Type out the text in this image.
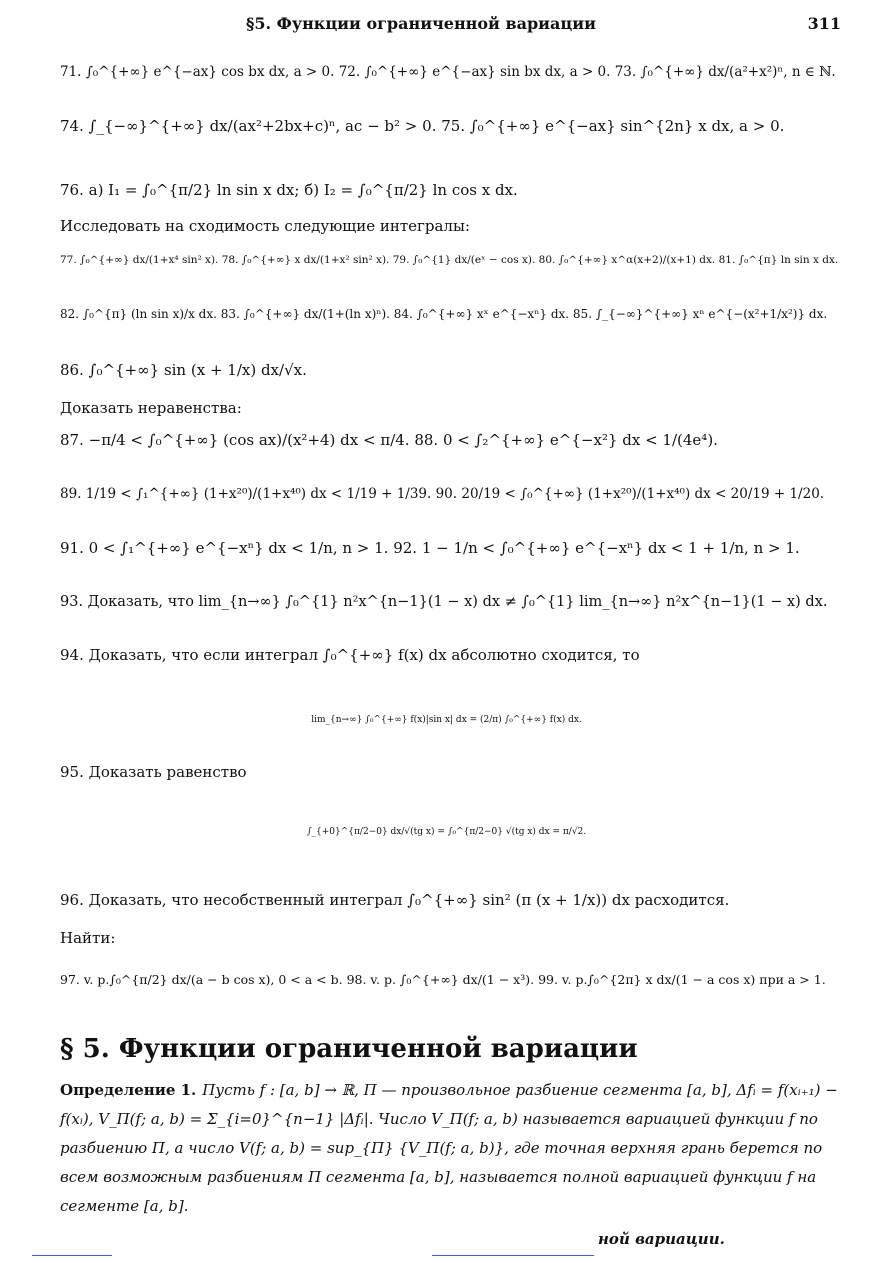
§5. Функции ограниченной вариации	311
71. ∫₀^{+∞} e^{−ax} cos bx dx, a > 0. 72. ∫₀^{+∞} e^{−ax} sin bx dx, a > 0. 73. ∫₀^{+∞} dx/(a²+x²)ⁿ, n ∈ ℕ.
74. ∫_{−∞}^{+∞} dx/(ax²+2bx+c)ⁿ, ac − b² > 0. 75. ∫₀^{+∞} e^{−ax} sin^{2n} x dx, a > 0.
76. а) I₁ = ∫₀^{π/2} ln sin x dx; б) I₂ = ∫₀^{π/2} ln cos x dx.
Исследовать на сходимость следующие интегралы:
77. ∫₀^{+∞} dx/(1+x⁴ sin² x). 78. ∫₀^{+∞} x dx/(1+x² sin² x). 79. ∫₀^{1} dx/(eˣ − cos x). 80. ∫₀^{+∞} x^α(x+2)/(x+1) dx. 81. ∫₀^{π} ln sin x dx.
82. ∫₀^{π} (ln sin x)/x dx. 83. ∫₀^{+∞} dx/(1+(ln x)ⁿ). 84. ∫₀^{+∞} xˣ e^{−xⁿ} dx. 85. ∫_{−∞}^{+∞} xⁿ e^{−(x²+1/x²)} dx.
86. ∫₀^{+∞} sin (x + 1/x) dx/√x.
Доказать неравенства:
87. −π/4 < ∫₀^{+∞} (cos ax)/(x²+4) dx < π/4. 88. 0 < ∫₂^{+∞} e^{−x²} dx < 1/(4e⁴).
89. 1/19 < ∫₁^{+∞} (1+x²⁰)/(1+x⁴⁰) dx < 1/19 + 1/39. 90. 20/19 < ∫₀^{+∞} (1+x²⁰)/(1+x⁴⁰) dx < 20/19 + 1/20.
91. 0 < ∫₁^{+∞} e^{−xⁿ} dx < 1/n, n > 1. 92. 1 − 1/n < ∫₀^{+∞} e^{−xⁿ} dx < 1 + 1/n, n > 1.
93. Доказать, что lim_{n→∞} ∫₀^{1} n²x^{n−1}(1 − x) dx ≠ ∫₀^{1} lim_{n→∞} n²x^{n−1}(1 − x) dx.
94. Доказать, что если интеграл ∫₀^{+∞} f(x) dx абсолютно сходится, то
lim_{n→∞} ∫₀^{+∞} f(x)|sin x| dx = (2/π) ∫₀^{+∞} f(x) dx.
95. Доказать равенство
∫_{+0}^{π/2−0} dx/√(tg x) = ∫₀^{π/2−0} √(tg x) dx = π/√2.
96. Доказать, что несобственный интеграл ∫₀^{+∞} sin² (π (x + 1/x)) dx расходится.
Найти:
97. v. p.∫₀^{π/2} dx/(a − b cos x), 0 < a < b. 98. v. p. ∫₀^{+∞} dx/(1 − x³). 99. v. p.∫₀^{2π} x dx/(1 − a cos x) при a > 1.
§ 5. Функции ограниченной вариации
Определение 1. Пусть f : [a, b] → ℝ, Π — произвольное разбиение сегмента [a, b], Δfᵢ = f(xᵢ₊₁) − f(xᵢ), V_Π(f; a, b) = Σ_{i=0}^{n−1} |Δfᵢ|. Число V_Π(f; a, b) называется вариацией функции f по разбиению Π, а число V(f; a, b) = sup_{Π} {V_Π(f; a, b)}, где точная верхняя грань берется по всем возможным разбиениям Π сегмента [a, b], называется полной вариацией функции f на сегменте [a, b].
ной вариации.
